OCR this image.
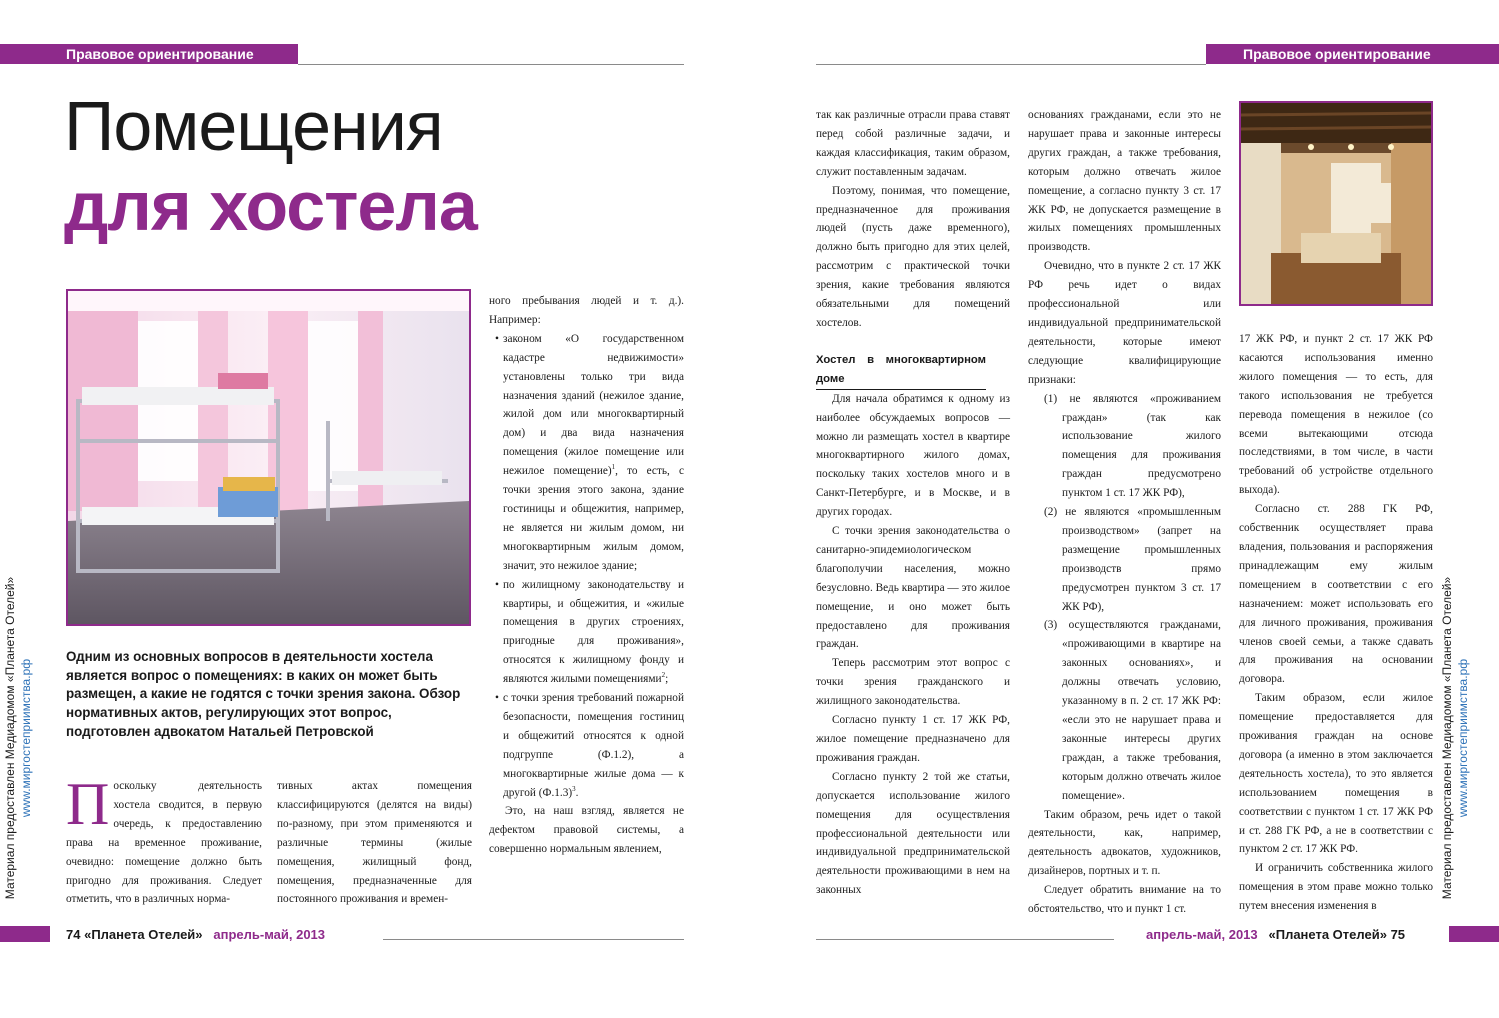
Правовое ориентирование
Помещения
для хостела
Одним из основных вопросов в деятельности хостела является вопрос о помещениях: в каких он может быть размещен, а какие не годятся с точки зрения закона. Обзор нормативных актов, регулирующих этот вопрос, подготовлен адвокатом Натальей Петровской
Поскольку деятельность хостела сводится, в первую очередь, к предоставлению права на временное проживание, очевидно: помещение должно быть пригодно для проживания. Следует отметить, что в различных норма-

тивных актах помещения классифицируются (делятся на виды) по-разному, при этом применяются и различные термины (жилые помещения, жилищный фонд, помещения, предназначенные для постоянного проживания и времен-

ного пребывания людей и т. д.). Например:

• законом «О государственном кадастре недвижимости» установлены только три вида назначения зданий (нежилое здание, жилой дом или многоквартирный дом) и два вида назначения помещения (жилое помещение или нежилое помещение)$^1$, то есть, с точки зрения этого закона, здание гостиницы и общежития, например, не является ни жилым домом, ни многоквартирным жилым домом, значит, это нежилое здание;
• по жилищному законодательству и квартиры, и общежития, и «жилые помещения в других строениях, пригодные для проживания», относятся к жилищному фонду и являются жилыми помещениями$^2$;
• с точки зрения требований пожарной безопасности, помещения гостиниц и общежитий относятся к одной подгруппе (Ф.1.2), а многоквартирные жилые дома — к другой $(Ф.1.3)^3$.

Это, на наш взгляд, является не дефектом правовой системы, а совершенно нормальным явлением,

Материал предоставлен Медиадомом «Планета Отелей» www.миргостеприимства.рф
74 «Планета Отелей» апрель-май, 2013
Правовое ориентирование

так как различные отрасли права ставят перед собой различные задачи, и каждая классификация, таким образом, служит поставленным задачам.

Поэтому, понимая, что помещение, предназначенное для проживания людей (пусть даже временного), должно быть пригодно для этих целей, рассмотрим с практической точки зрения, какие требования являются обязательными для помещений хостелов.

Хостел в многоквартирном доме

Для начала обратимся к одному из наиболее обсуждаемых вопросов — можно ли размещать хостел в квартире многоквартирного жилого домах, поскольку таких хостелов много и в Санкт-Петербурге, и в Москве, и в других городах.

С точки зрения законодательства о санитарно-эпидемиологическом благополучии населения, можно безусловно. Ведь квартира — это жилое помещение, и оно может быть предоставлено для проживания граждан.

Теперь рассмотрим этот вопрос с точки зрения гражданского и жилищного законодательства.

Согласно пункту 1 ст. 17 ЖК РФ, жилое помещение предназначено для проживания граждан.

Согласно пункту 2 той же статьи, допускается использование жилого помещения для осуществления профессиональной деятельности или индивидуальной предпринимательской деятельности проживающими в нем на законных

основаниях гражданами, если это не нарушает права и законные интересы других граждан, а также требования, которым должно отвечать жилое помещение, а согласно пункту 3 ст. 17 ЖК РФ, не допускается размещение в жилых помещениях промышленных производств.

Очевидно, что в пункте 2 ст. 17 ЖК РФ речь идет о видах профессиональной или индивидуальной предпринимательской деятельности, которые имеют следующие квалифицирующие признаки:

(1) не являются «проживанием граждан» (так как использование жилого помещения для проживания граждан предусмотрено пунктом 1 ст. 17 ЖК РФ),

(2) не являются «промышленным производством» (запрет на размещение промышленных производств прямо предусмотрен пунктом 3 ст. 17 ЖК РФ),

(3) осуществляются гражданами, «проживающими в квартире на законных основаниях», и должны отвечать условию, указанному в п. 2 ст. 17 ЖК РФ: «если это не нарушает права и законные интересы других граждан, а также требования, которым должно отвечать жилое помещение».

Таким образом, речь идет о такой деятельности, как, например, деятельность адвокатов, художников, дизайнеров, портных и т. п.

Следует обратить внимание на то обстоятельство, что и пункт 1 ст.

17 ЖК РФ, и пункт 2 ст. 17 ЖК РФ касаются использования именно жилого помещения — то есть, для такого использования не требуется перевода помещения в нежилое (со всеми вытекающими отсюда последствиями, в том числе, в части требований об устройстве отдельного выхода).

Согласно ст. 288 ГК РФ, собственник осуществляет права владения, пользования и распоряжения принадлежащим ему жилым помещением в соответствии с его назначением: может использовать его для личного проживания, проживания членов своей семьи, а также сдавать для проживания на основании договора.

Таким образом, если жилое помещение предоставляется для проживания граждан на основе договора (а именно в этом заключается деятельность хостела), то это является использованием помещения в соответствии с пунктом 1 ст. 17 ЖК РФ и ст. 288 ГК РФ, а не в соответствии с пунктом 2 ст. 17 ЖК РФ.

И ограничить собственника жилого помещения в этом праве можно только путем внесения изменения в

Материал предоставлен Медиадомом «Планета Отелей» www.миргостеприимства.рф
апрель-май, 2013 «Планета Отелей» 75
